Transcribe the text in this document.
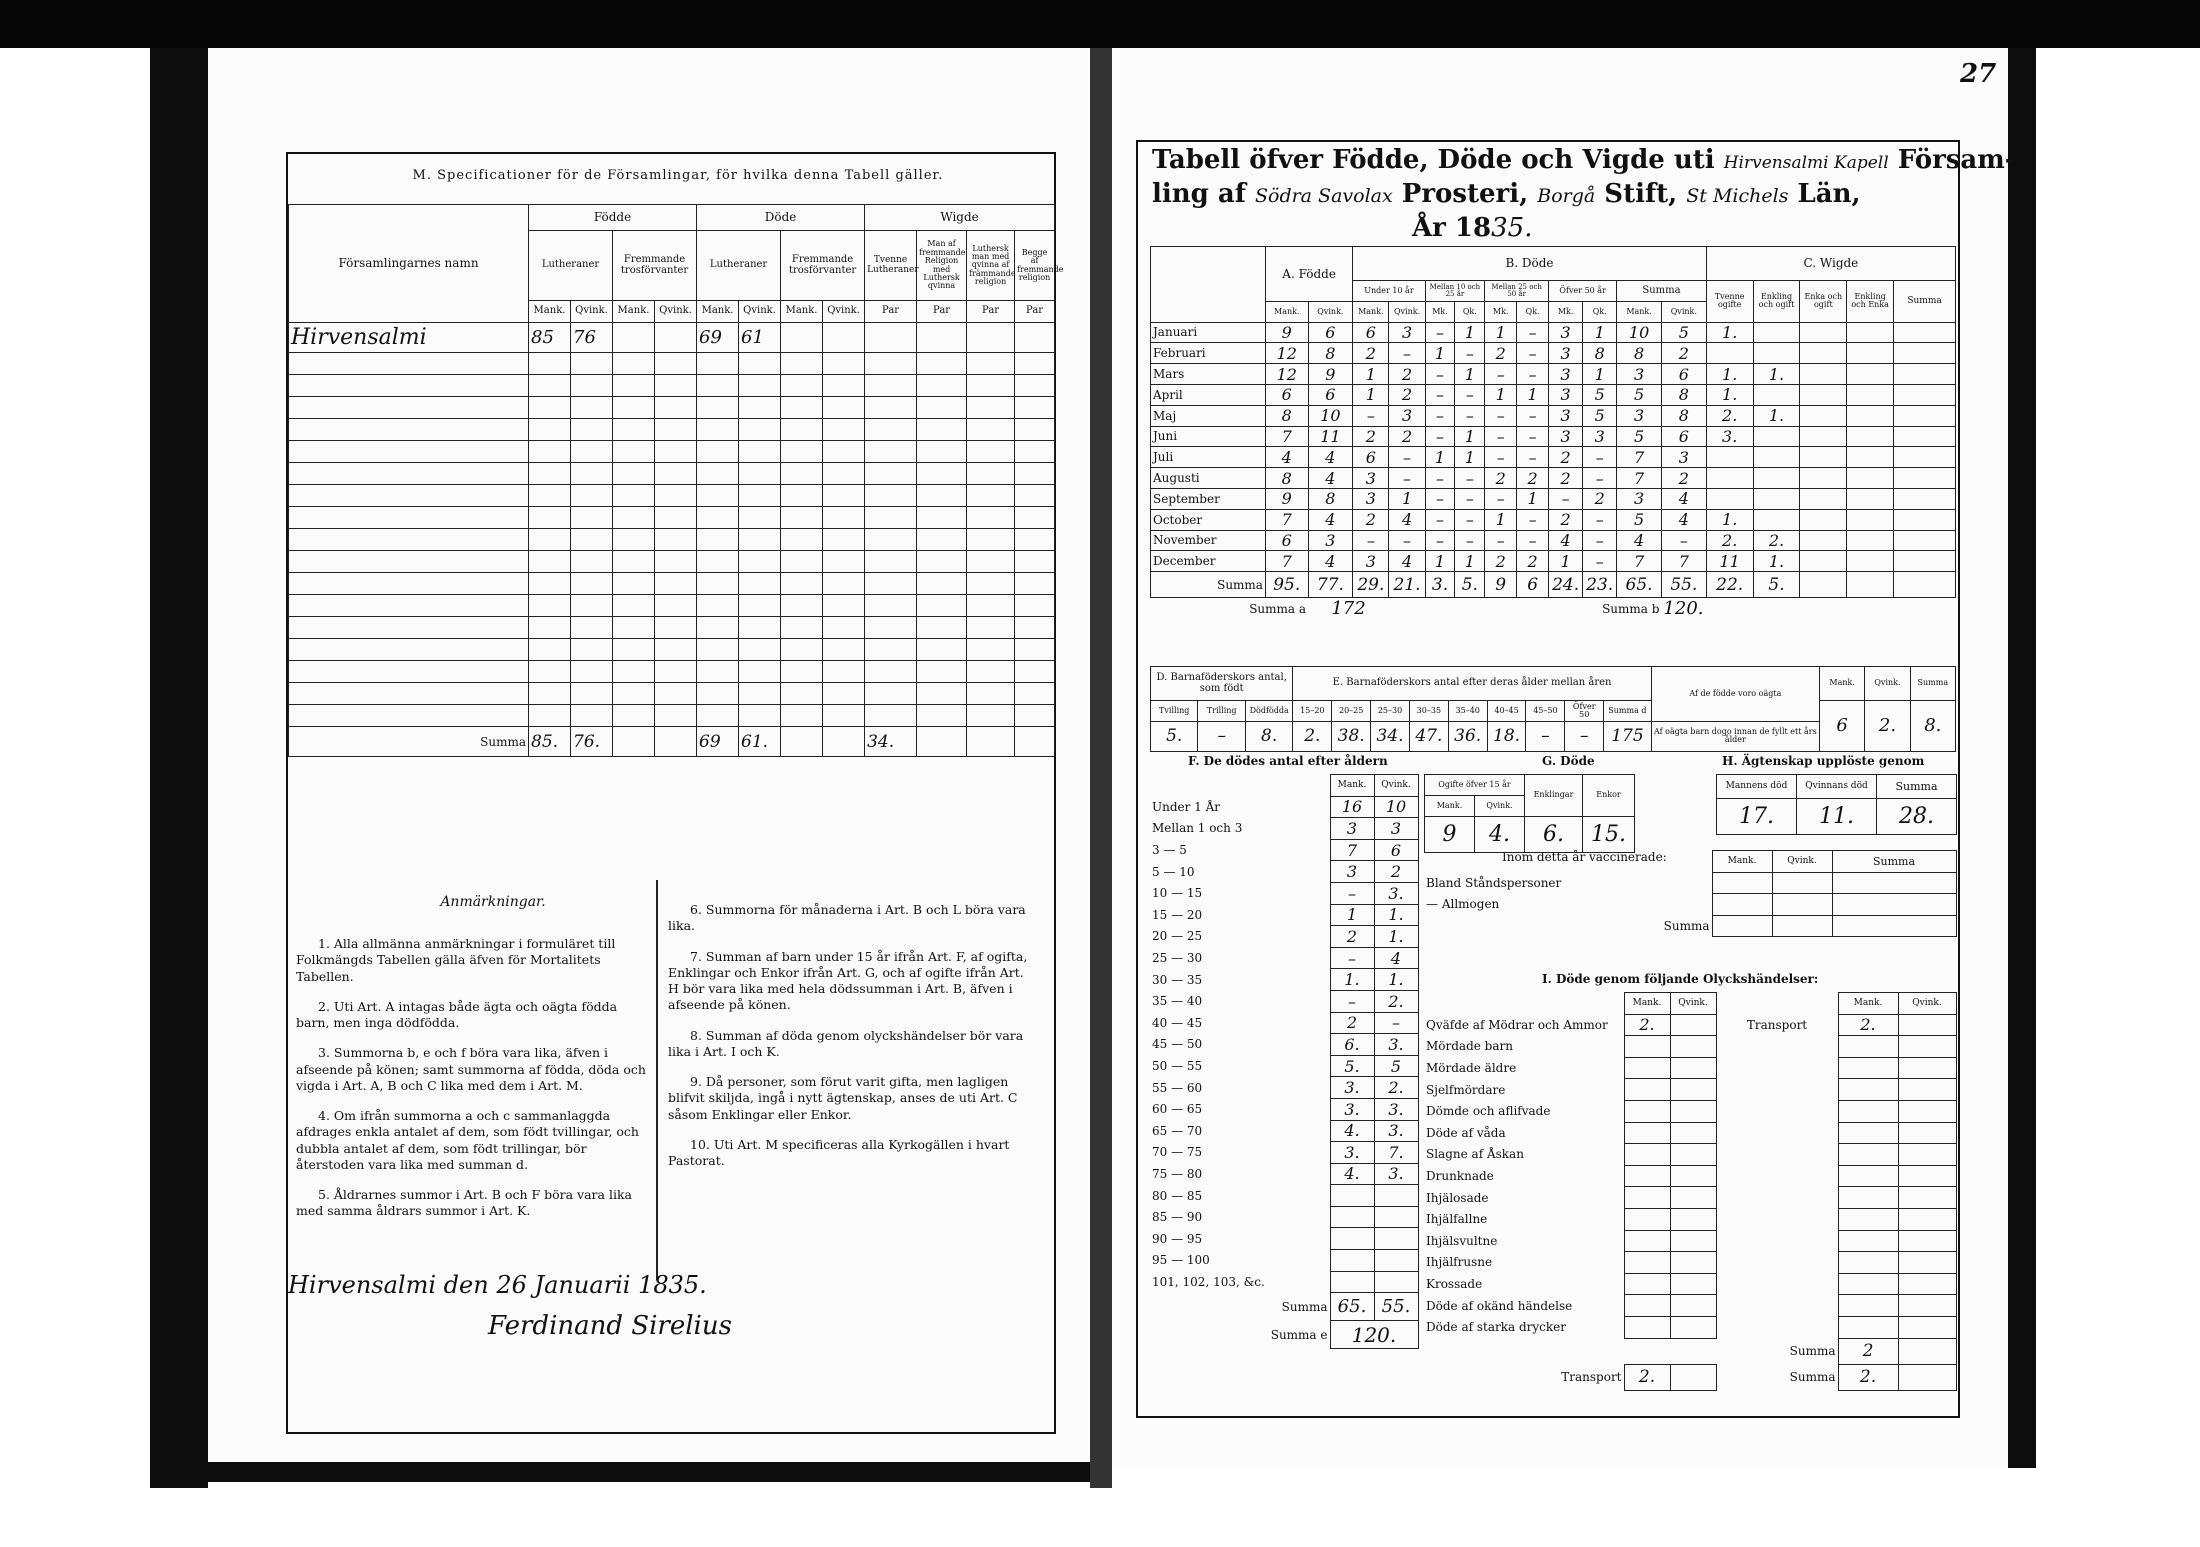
M. Specificationer för de Församlingar, för hvilka denna Tabell gäller.
Församlingarnes namn	Födde				Döde				Wigde			
	Lutheraner		Fremmande trosförvanter		Lutheraner		Fremmande trosförvanter		Tvenne Lutheraner	Man af fremmande Religion med Luthersk qvinna	Luthersk man med qvinna af främmande religion	Begge af fremmande religion
	Mank.	Qvink.	Mank.	Qvink.	Mank.	Qvink.	Mank.	Qvink.	Par	Par	Par	Par
Hirvensalmi	85	76			69	61						

Summa	85.	76.			69	61.			34.			
Anmärkningar.

1. Alla allmänna anmärkningar i formuläret till Folkmängds Tabellen gälla äfven för Mortalitets Tabellen.

2. Uti Art. A intagas både ägta och oägta födda barn, men inga dödfödda.

3. Summorna b, e och f böra vara lika, äfven i afseende på könen; samt summorna af födda, döda och vigda i Art. A, B och C lika med dem i Art. M.

4. Om ifrån summorna a och c sammanlaggda afdrages enkla antalet af dem, som födt tvillingar, och dubbla antalet af dem, som födt trillingar, bör återstoden vara lika med summan d.

5. Åldrarnes summor i Art. B och F böra vara lika med samma åldrars summor i Art. K.

6. Summorna för månaderna i Art. B och L böra vara lika.

7. Summan af barn under 15 år ifrån Art. F, af ogifta, Enklingar och Enkor ifrån Art. G, och af ogifte ifrån Art. H bör vara lika med hela dödssumman i Art. B, äfven i afseende på könen.

8. Summan af döda genom olyckshändelser bör vara lika i Art. I och K.

9. Då personer, som förut varit gifta, men lagligen blifvit skiljda, ingå i nytt ägtenskap, anses de uti Art. C såsom Enklingar eller Enkor.

10. Uti Art. M specificeras alla Kyrkogällen i hvart Pastorat.

Hirvensalmi den 26 Januarii 1835.
Ferdinand Sirelius
27
Tabell öfver Födde, Döde och Vigde uti Hirvensalmi Kapell Försam-
ling af Södra Savolax Prosteri, Borgå Stift, St Michels Län,
År 1835.
	A. Födde		B. Döde										C. Wigde				
			Under 10 år		Mellan 10 och 25 år		Mellan 25 och 50 år		Öfver 50 år		Summa		Tvenne ogifte	Enkling och ogift	Enka och ogift	Enkling och Enka	Summa
	Mank.	Qvink.	Mank.	Qvink.	Mk.	Qk.	Mk.	Qk.	Mk.	Qk.	Mank.	Qvink.					
Januari	9	6	6	3	–	1	1	–	3	1	10	5	1.				
Februari	12	8	2	–	1	–	2	–	3	8	8	2					
Mars	12	9	1	2	–	1	–	–	3	1	3	6	1.	1.			
April	6	6	1	2	–	–	1	1	3	5	5	8	1.				
Maj	8	10	–	3	–	–	–	–	3	5	3	8	2.	1.			
Juni	7	11	2	2	–	1	–	–	3	3	5	6	3.				
Juli	4	4	6	–	1	1	–	–	2	–	7	3					
Augusti	8	4	3	–	–	–	2	2	2	–	7	2					
September	9	8	3	1	–	–	–	1	–	2	3	4					
October	7	4	2	4	–	–	1	–	2	–	5	4	1.				
November	6	3	–	–	–	–	–	–	4	–	4	–	2.	2.			
December	7	4	3	4	1	1	2	2	1	–	7	7	11	1.			
Summa	95.	77.	29.	21.	3.	5.	9	6	24.	23.	65.	55.	22.	5.			
Summa a		172		Summa b								120.					
D. Barnaföderskors antal, som födt			E. Barnaföderskors antal efter deras ålder mellan åren									Af de födde voro oägta	Mank.	Qvink.	Summa
Tvilling	Trilling	Dödfödda	15–20	20–25	25–30	30–35	35–40	40–45	45–50	Öfver 50	Summa d		6	2.	8.
5.	–	8.	2.	38.	34.	47.	36.	18.	–	–	175	Af oägta barn dogo innan de fyllt ett års ålder			
F. De dödes antal efter åldern
	Mank.	Qvink.
Under 1 År	16	10
Mellan 1 och 3	3	3
3 — 5	7	6
5 — 10	3	2
10 — 15	–	3.
15 — 20	1	1.
20 — 25	2	1.
25 — 30	–	4
30 — 35	1.	1.
35 — 40	–	2.
40 — 45	2	–
45 — 50	6.	3.
50 — 55	5.	5
55 — 60	3.	2.
60 — 65	3.	3.
65 — 70	4.	3.
70 — 75	3.	7.
75 — 80	4.	3.
80 — 85		
85 — 90		
90 — 95		
95 — 100		
101, 102, 103, &c.		
Summa	65.	55.
Summa e	120.	
G. Döde
Ogifte öfver 15 år		Enklingar	Enkor
Mank.	Qvink.		
9	4.	6.	15.
H. Ägtenskap upplöste genom
Mannens död	Qvinnans död	Summa
17.	11.	28.
Inom detta år vaccinerade:
		Mank.	Qvink.	Summa
Bland Ståndspersoner			
— Allmogen			
Summa			
I. Döde genom följande Olyckshändelser:
	Mank.	Qvink.		Mank.	Qvink.
Qväfde af Mödrar och Ammor	2.		Transport	2.	
Mördade barn					
Mördade äldre					
Sjelfmördare					
Dömde och aflifvade					
Döde af våda					
Slagne af Åskan					
Drunknade					
Ihjälosade					
Ihjälfallne					
Ihjälsvultne					
Ihjälfrusne					
Krossade					
Döde af okänd händelse					
Döde af starka drycker					
			Summa	2	
Transport	2.		Summa	2.	
